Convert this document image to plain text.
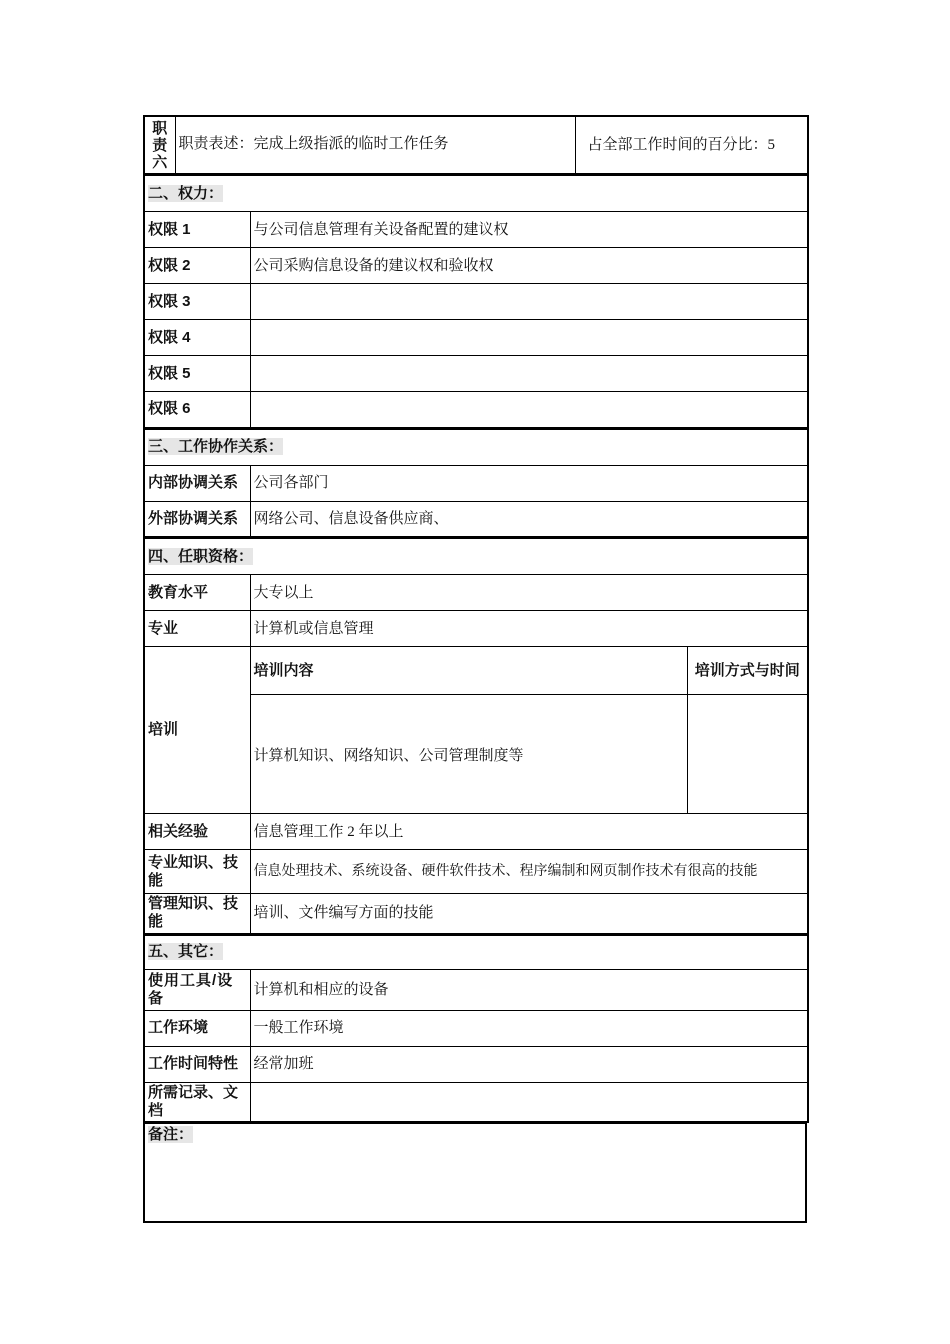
职责六	职责表述：完成上级指派的临时工作任务	占全部工作时间的百分比：5
二、权力：	
权限 1	与公司信息管理有关设备配置的建议权
权限 2	公司采购信息设备的建议权和验收权
权限 3	
权限 4	
权限 5	
权限 6	
三、工作协作关系：	
内部协调关系	公司各部门
外部协调关系	网络公司、信息设备供应商、
四、任职资格：		
教育水平	大专以上	
专业	计算机或信息管理	
培训	培训内容	培训方式与时间
	计算机知识、网络知识、公司管理制度等	
相关经验	信息管理工作 2 年以上	
专业知识、技能	信息处理技术、系统设备、硬件软件技术、程序编制和网页制作技术有很高的技能	
管理知识、技能	培训、文件编写方面的技能	
五、其它：	
使用工具/设备	计算机和相应的设备
工作环境	一般工作环境
工作时间特性	经常加班
所需记录、文档	
备注：
